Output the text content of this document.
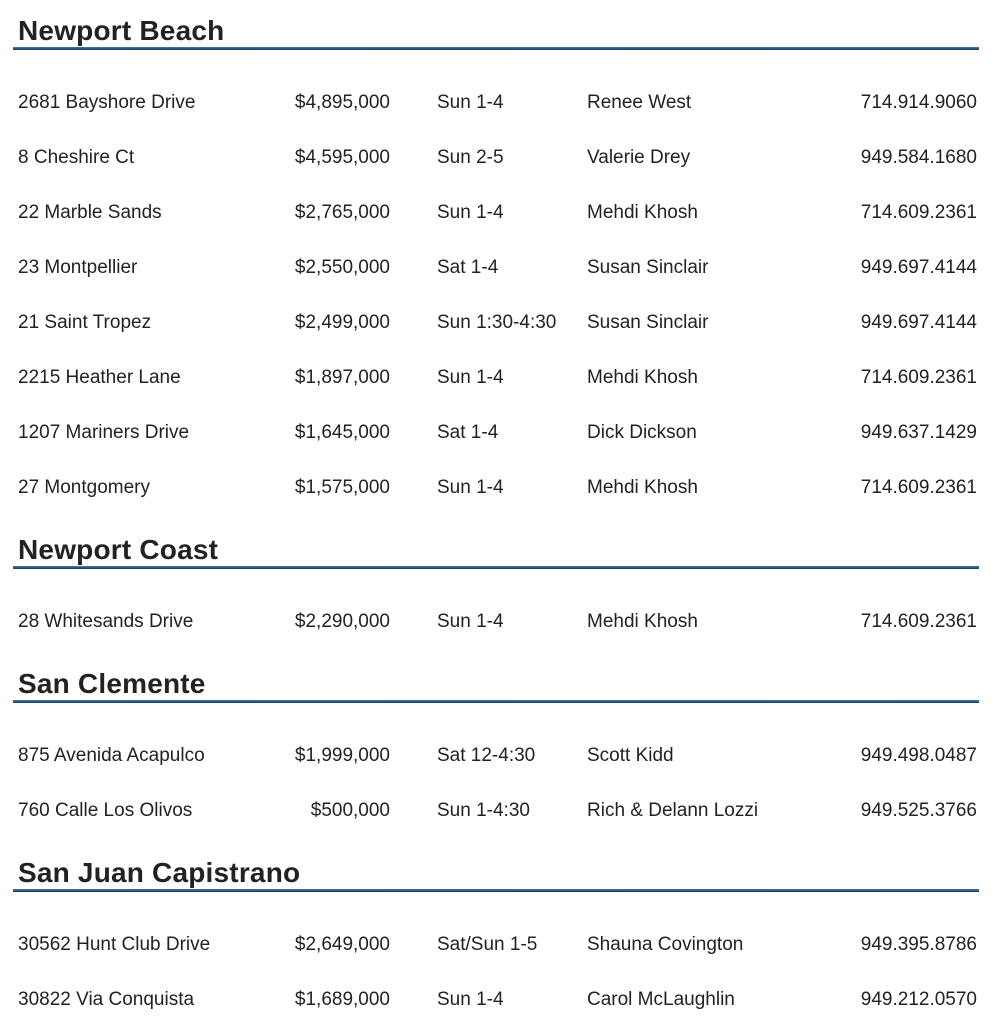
Newport Beach
2681 Bayshore Drive	$4,895,000	Sun 1-4	Renee West	714.914.9060
8 Cheshire Ct	$4,595,000	Sun 2-5	Valerie Drey	949.584.1680
22 Marble Sands	$2,765,000	Sun 1-4	Mehdi Khosh	714.609.2361
23 Montpellier	$2,550,000	Sat 1-4	Susan Sinclair	949.697.4144
21 Saint Tropez	$2,499,000	Sun 1:30-4:30	Susan Sinclair	949.697.4144
2215 Heather Lane	$1,897,000	Sun 1-4	Mehdi Khosh	714.609.2361
1207 Mariners Drive	$1,645,000	Sat 1-4	Dick Dickson	949.637.1429
27 Montgomery	$1,575,000	Sun 1-4	Mehdi Khosh	714.609.2361
Newport Coast
28 Whitesands Drive	$2,290,000	Sun 1-4	Mehdi Khosh	714.609.2361
San Clemente
875 Avenida Acapulco	$1,999,000	Sat 12-4:30	Scott Kidd	949.498.0487
760 Calle Los Olivos	$500,000	Sun 1-4:30	Rich & Delann Lozzi	949.525.3766
San Juan Capistrano
30562 Hunt Club Drive	$2,649,000	Sat/Sun 1-5	Shauna Covington	949.395.8786
30822 Via Conquista	$1,689,000	Sun 1-4	Carol McLaughlin	949.212.0570
